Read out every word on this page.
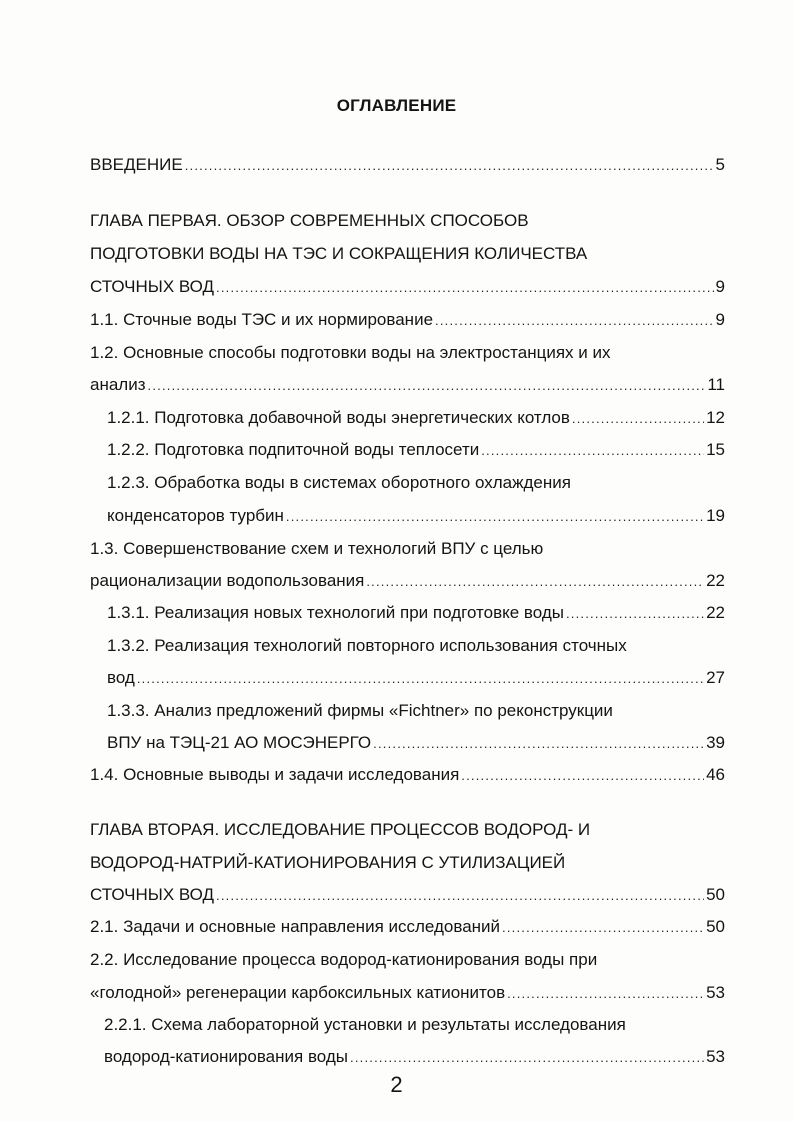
ОГЛАВЛЕНИЕ
ВВЕДЕНИЕ .....	5
ГЛАВА ПЕРВАЯ. ОБЗОР СОВРЕМЕННЫХ СПОСОБОВ
ПОДГОТОВКИ ВОДЫ НА ТЭС И СОКРАЩЕНИЯ КОЛИЧЕСТВА
СТОЧНЫХ ВОД .....	9
1.1. Сточные воды ТЭС и их нормирование .....	9
1.2. Основные способы подготовки воды на электростанциях и их
анализ .....	11
1.2.1. Подготовка добавочной воды энергетических котлов .....	12
1.2.2. Подготовка подпиточной воды теплосети .....	15
1.2.3. Обработка воды в системах оборотного охлаждения
конденсаторов турбин .....	19
1.3. Совершенствование схем и технологий ВПУ с целью
рационализации водопользования .....	22
1.3.1. Реализация новых технологий при подготовке воды .....	22
1.3.2. Реализация технологий повторного использования сточных
вод .....	27
1.3.3. Анализ предложений фирмы «Fichtner» по реконструкции
ВПУ на ТЭЦ-21 АО МОСЭНЕРГО .....	39
1.4. Основные выводы и задачи исследования .....	46
ГЛАВА ВТОРАЯ. ИССЛЕДОВАНИЕ ПРОЦЕССОВ ВОДОРОД- И
ВОДОРОД-НАТРИЙ-КАТИОНИРОВАНИЯ С УТИЛИЗАЦИЕЙ
СТОЧНЫХ ВОД .....	50
2.1. Задачи и основные направления исследований .....	50
2.2. Исследование процесса водород-катионирования воды при
«голодной» регенерации карбоксильных катионитов .....	53
2.2.1. Схема лабораторной установки и результаты исследования
водород-катионирования воды .....	53
2
